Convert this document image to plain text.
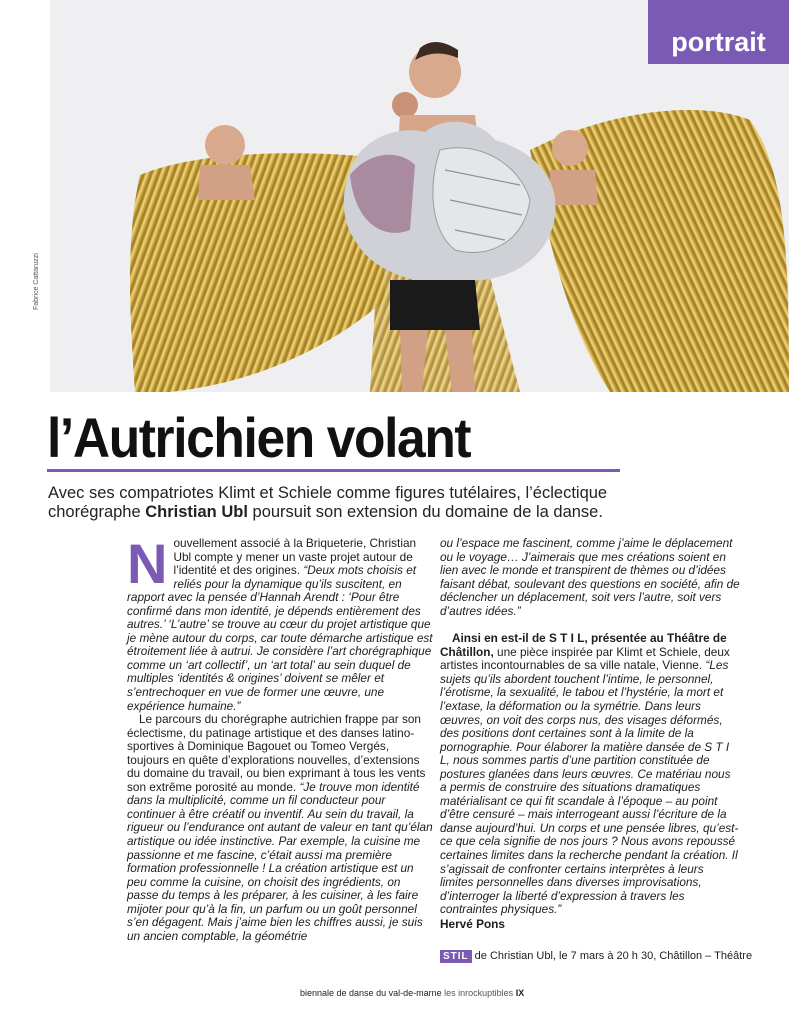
Fabrice Cattaruzzi
portrait
l’Autrichien volant
Avec ses compatriotes Klimt et Schiele comme figures tutélaires, l’éclectique chorégraphe Christian Ubl poursuit son extension du domaine de la danse.

Nouvellement associé à la Briqueterie, Christian Ubl compte y mener un vaste projet autour de l’identité et des origines. “Deux mots choisis et reliés pour la dynamique qu’ils suscitent, en rapport avec la pensée d’Hannah Arendt : ‘Pour être confirmé dans mon identité, je dépends entièrement des autres.’ ‘L’autre’ se trouve au cœur du projet artistique que je mène autour du corps, car toute démarche artistique est étroitement liée à autrui. Je considère l’art chorégraphique comme un ‘art collectif’, un ‘art total’ au sein duquel de multiples ‘identités & origines’ doivent se mêler et s’entrechoquer en vue de former une œuvre, une expérience humaine.”

Le parcours du chorégraphe autrichien frappe par son éclectisme, du patinage artistique et des danses latino-sportives à Dominique Bagouet ou Tomeo Vergés, toujours en quête d’explorations nouvelles, d’extensions du domaine du travail, ou bien exprimant à tous les vents son extrême porosité au monde. “Je trouve mon identité dans la multiplicité, comme un fil conducteur pour continuer à être créatif ou inventif. Au sein du travail, la rigueur ou l’endurance ont autant de valeur en tant qu’élan artistique ou idée instinctive. Par exemple, la cuisine me passionne et me fascine, c’était aussi ma première formation professionnelle ! La création artistique est un peu comme la cuisine, on choisit des ingrédients, on passe du temps à les préparer, à les cuisiner, à les faire mijoter pour qu’à la fin, un parfum ou un goût personnel s’en dégagent. Mais j’aime bien les chiffres aussi, je suis un ancien comptable, la géométrie

ou l’espace me fascinent, comme j’aime le déplacement ou le voyage… J’aimerais que mes créations soient en lien avec le monde et transpirent de thèmes ou d’idées faisant débat, soulevant des questions en société, afin de déclencher un déplacement, soit vers l’autre, soit vers d’autres idées.”

Ainsi en est-il de S T I L, présentée au Théâtre de Châtillon, une pièce inspirée par Klimt et Schiele, deux artistes incontournables de sa ville natale, Vienne. “Les sujets qu’ils abordent touchent l’intime, le personnel, l’érotisme, la sexualité, le tabou et l’hystérie, la mort et l’extase, la déformation ou la symétrie. Dans leurs œuvres, on voit des corps nus, des visages déformés, des positions dont certaines sont à la limite de la pornographie. Pour élaborer la matière dansée de S T I L, nous sommes partis d’une partition constituée de postures glanées dans leurs œuvres. Ce matériau nous a permis de construire des situations dramatiques matérialisant ce qui fit scandale à l’époque – au point d’être censuré – mais interrogeant aussi l’écriture de la danse aujourd’hui. Un corps et une pensée libres, qu’est-ce que cela signifie de nos jours ? Nous avons repoussé certaines limites dans la recherche pendant la création. Il s’agissait de confronter certains interprètes à leurs limites personnelles dans diverses improvisations, d’interroger la liberté d’expression à travers les contraintes physiques.”

Hervé Pons

STIL de Christian Ubl, le 7 mars à 20 h 30, Châtillon – Théâtre
biennale de danse du val-de-marne les inrockuptibles IX
